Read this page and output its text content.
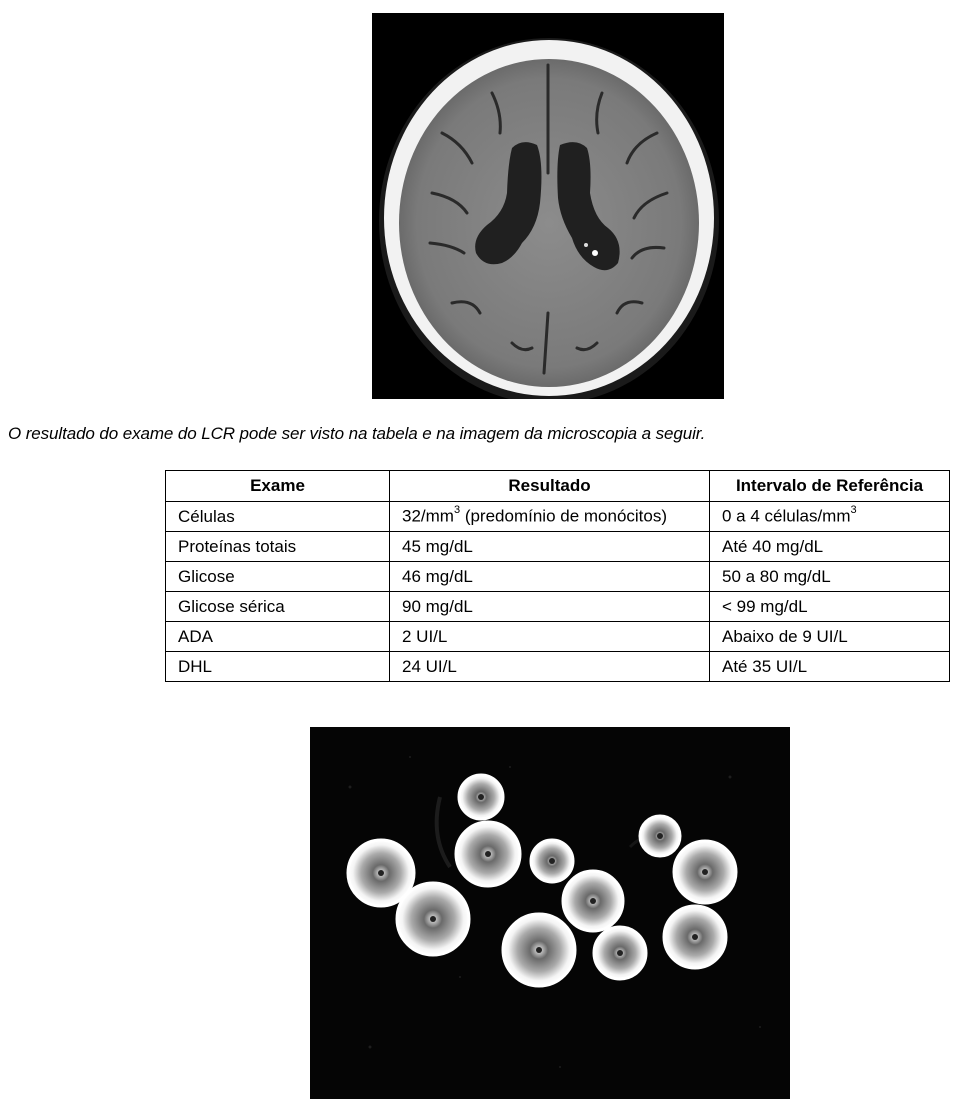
O resultado do exame do LCR pode ser visto na tabela e na imagem da microscopia a seguir.
Exame	Resultado	Intervalo de Referência
Células	$32/mm^3$ (predomínio de monócitos)	0 a 4 células/$mm^3$
Proteínas totais	45 mg/dL	Até 40 mg/dL
Glicose	46 mg/dL	50 a 80 mg/dL
Glicose sérica	90 mg/dL	< 99 mg/dL
ADA	2 UI/L	Abaixo de 9 UI/L
DHL	24 UI/L	Até 35 UI/L
